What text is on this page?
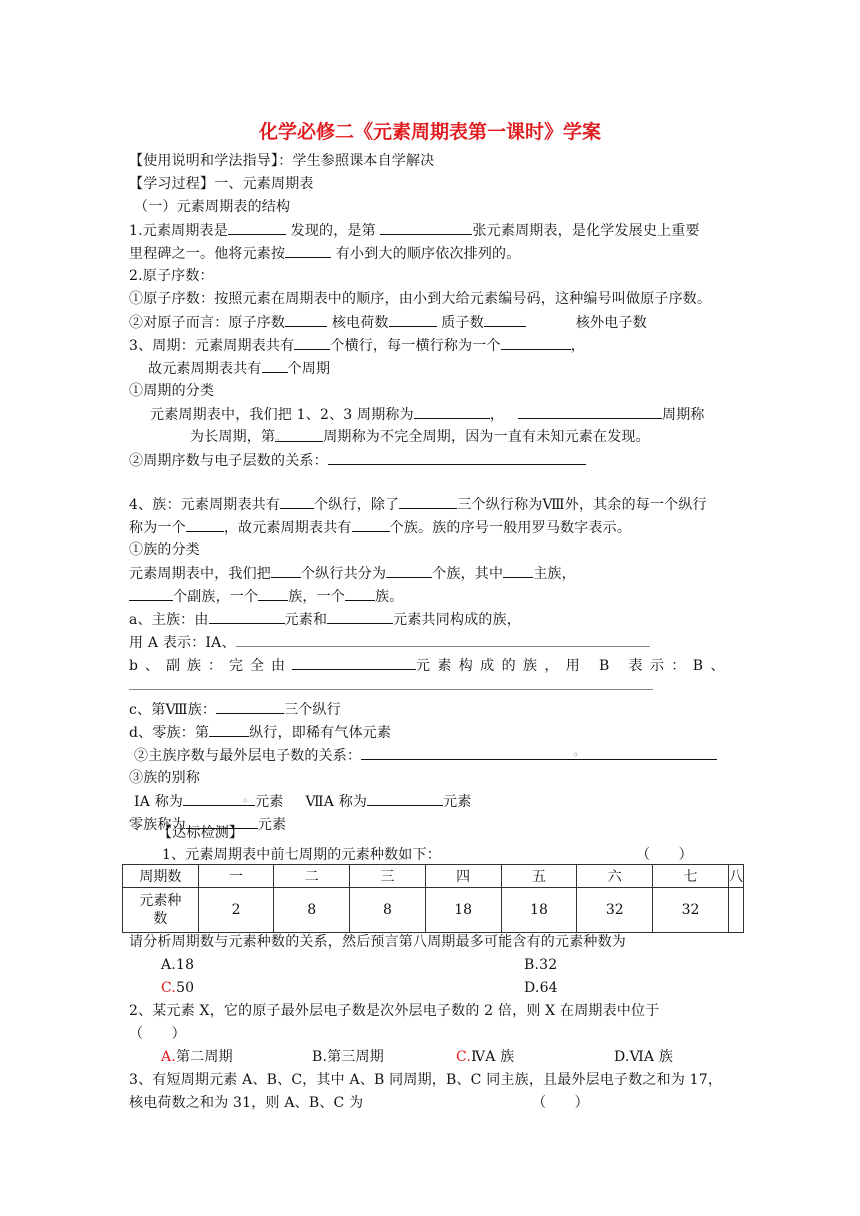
化学必修二《元素周期表第一课时》学案
【使用说明和学法指导】：学生参照课本自学解决
【学习过程】一、元素周期表
（一）元素周期表的结构
1.元素周期表是	发现的，是第	张元素周期表，是化学发展史上重要
里程碑之一。他将元素按	有小到大的顺序依次排列的。
2.原子序数：
①原子序数：按照元素在周期表中的顺序，由小到大给元素编号码，这种编号叫做原子序数。
②对原子而言：原子序数	核电荷数	质子数	核外电子数
3、周期：元素周期表共有	个横行，每一横行称为一个	，
故元素周期表共有 个周期
①周期的分类
元素周期表中，我们把 1、2、3 周期称为	，	周期称
为长周期，第。	周期称为不完全周期，因为一直有未知元素在发现。
②周期序数与电子层数的关系：
4、族：元素周期表共有 个纵行，除了	三个纵行称为Ⅷ外，其余的每一个纵行
称为一个	，故元素周期表共有	个族。族的序号一般用罗马数字表示。
①族的分类
元素周期表中，我们把 个纵行共分为	个族，其中 主族，
个副族，一个 族，一个 族。
a、主族：由	元素和	元素共同构成的族，
用 A 表示：ⅠA、
b、副族：完全由	元素构成的族，用 B 表示：B、
c、第Ⅷ族：	三个纵行
d、零族：第	纵行，即稀有气体元素
②主族序数与最外层电子数的关系：	。
③族的别称
ⅠA 称为	。 元素 ⅦA 称为	元素
零族称为	元素
【达标检测】
1、元素周期表中前七周期的元素种数如下：	（　　）
周期数	一	二	三	四	五	六	七	八
元素种
数	2	8	8	18	18	32	32	
请分析周期数与元素种数的关系，然后预言第八周期最多可能含有的元素种数为
A.18	B.32
C.50	D.64
2、某元素 X，它的原子最外层电子数是次外层电子数的 2 倍，则 X 在周期表中位于
（　　）
A.第二周期	B.第三周期	C.ⅣA 族	D.ⅥA 族
3、有短周期元素 A、B、C，其中 A、B 同周期，B、C 同主族，且最外层电子数之和为 17，
核电荷数之和为 31，则 A、B、C 为	（　　）
